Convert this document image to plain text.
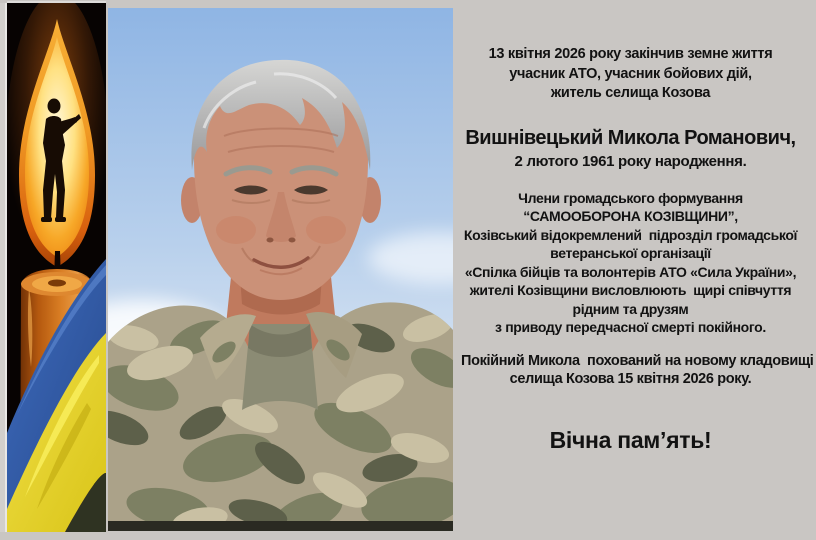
13 квітня 2026 року закінчив земне життя
учасник АТО, учасник бойових дій,
житель селища Козова
Вишнівецький Микола Романович,
2 лютого 1961 року народження.
Члени громадського формування
“САМООБОРОНА КОЗІВЩИНИ”,
Козівський відокремлений  підрозділ громадської
ветеранської організації
«Спілка бійців та волонтерів АТО «Сила України»,
жителі Козівщини висловлюють  щирі співчуття
рідним та друзям
з приводу передчасної смерті покійного.
Покійний Микола  похований на новому кладовищі
селища Козова 15 квітня 2026 року.
Вічна пам’ять!
